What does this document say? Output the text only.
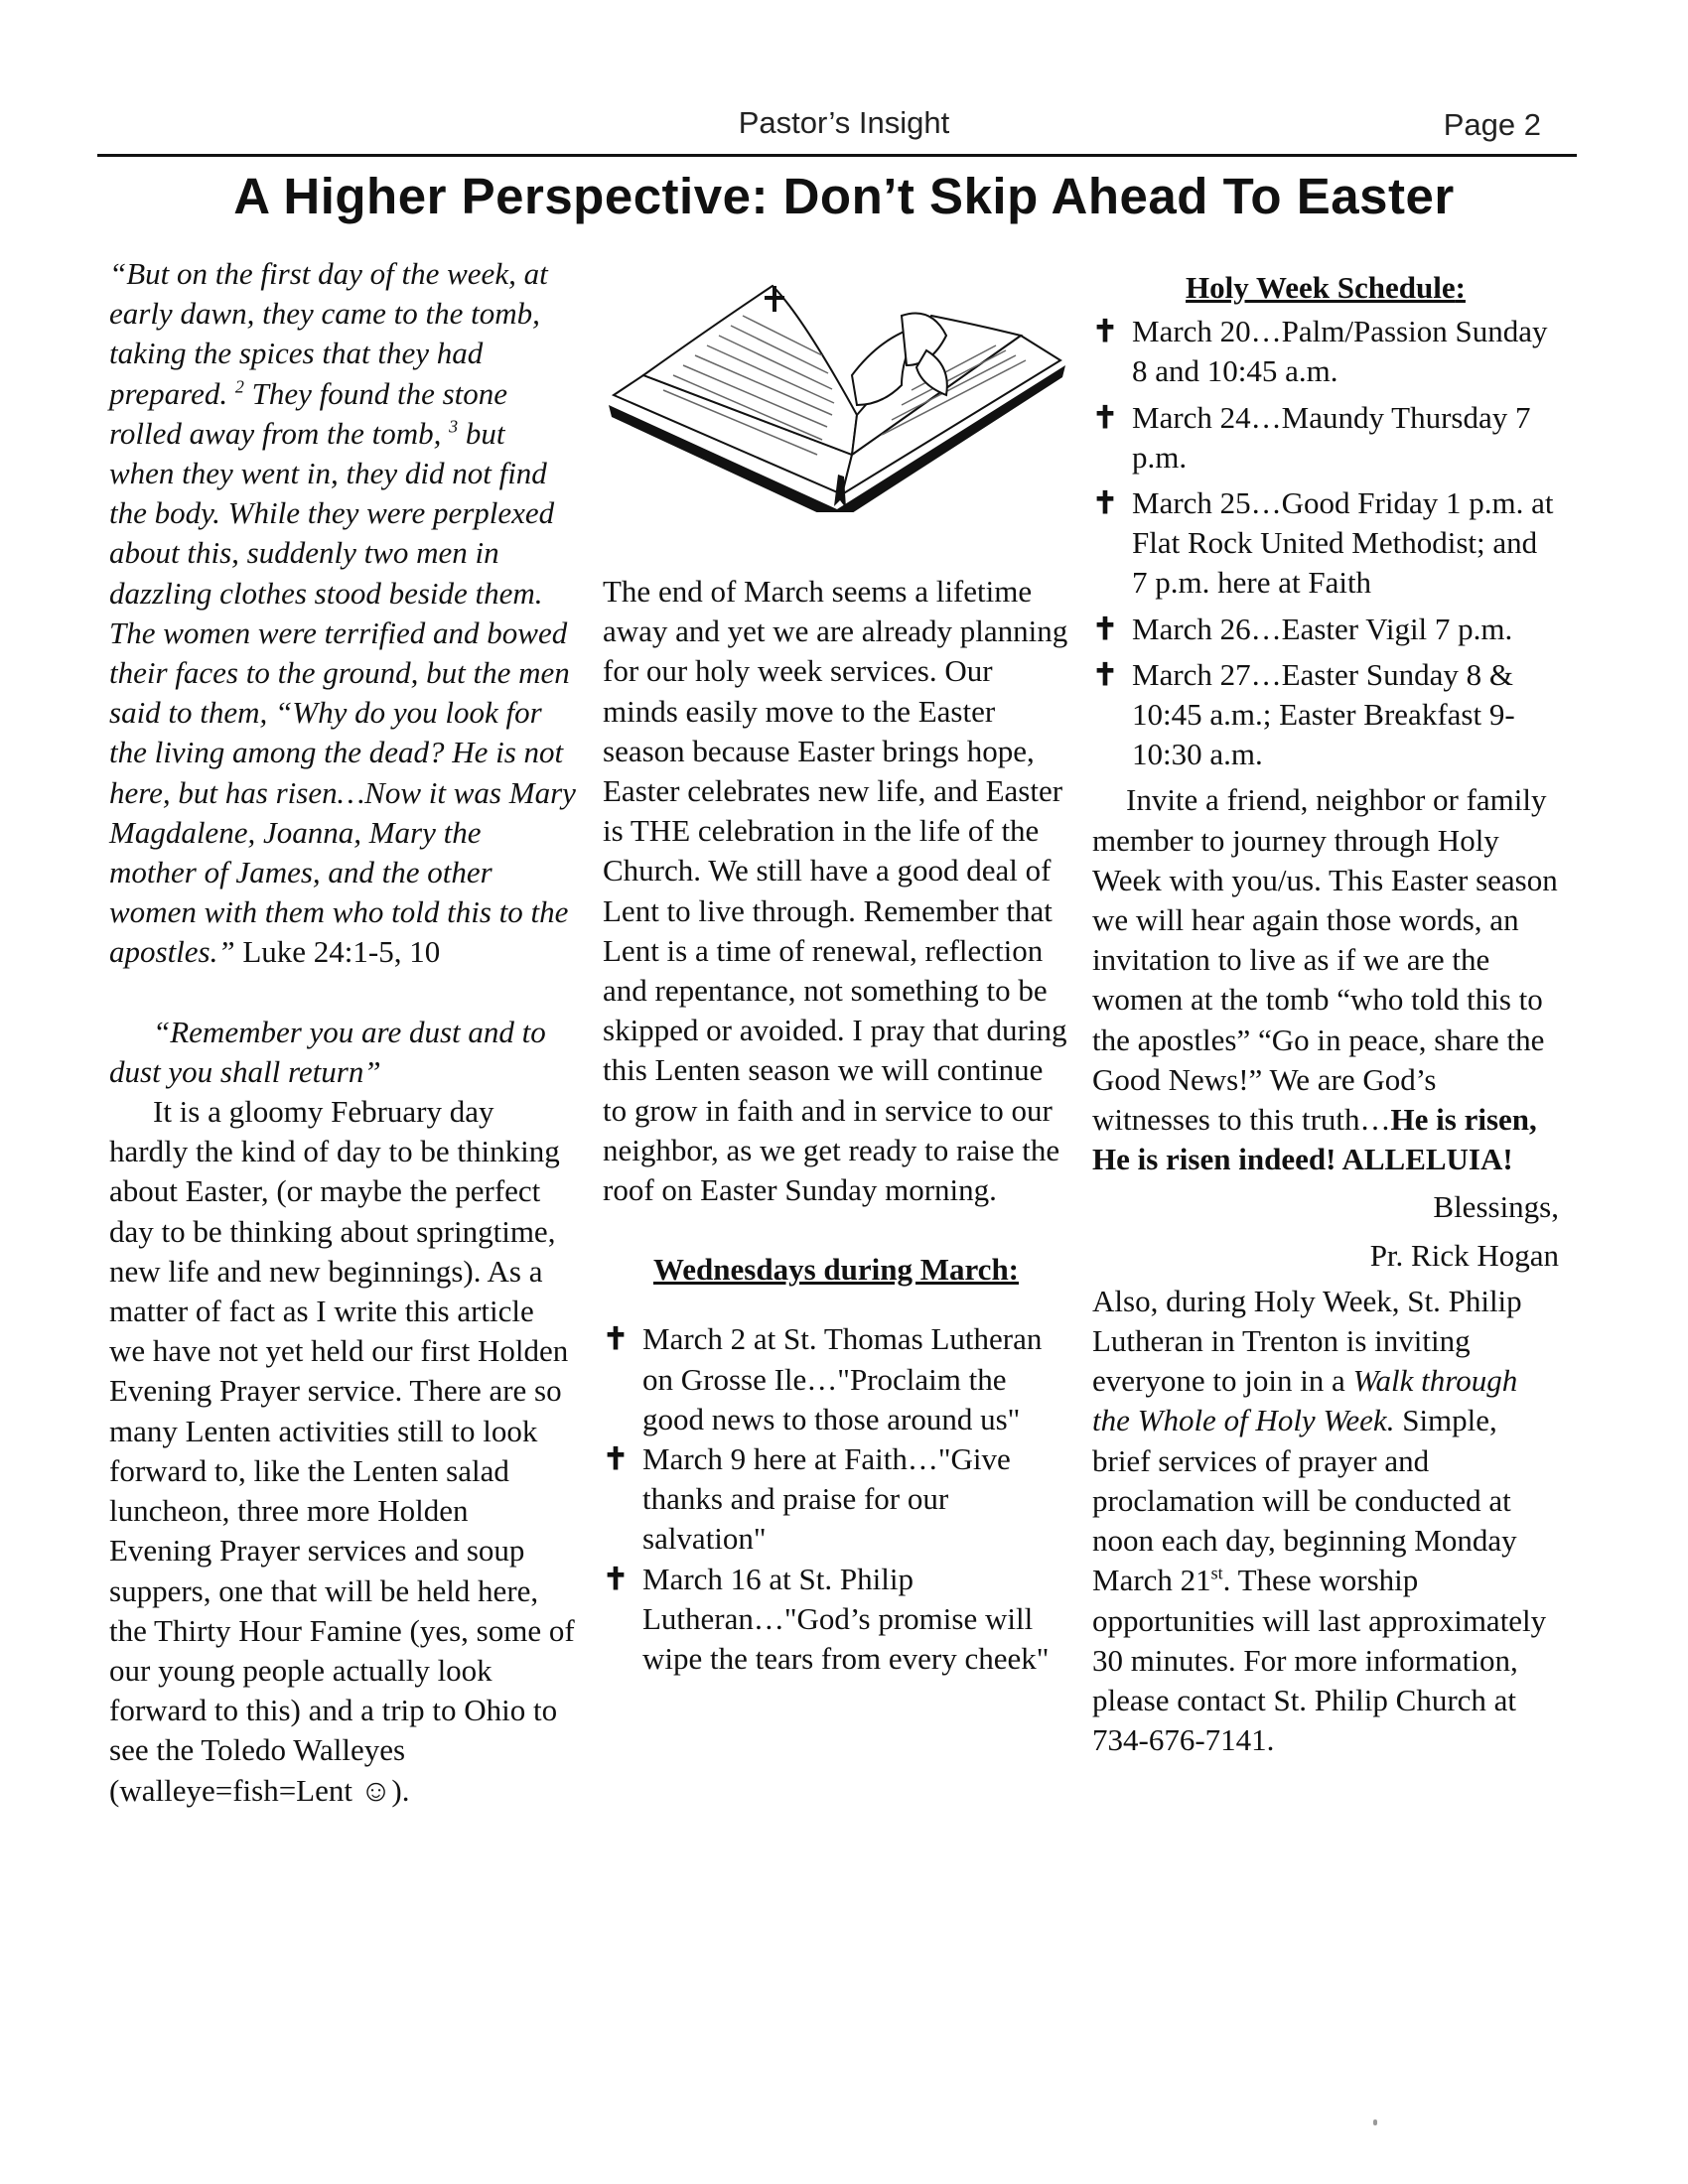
Pastor’s Insight	Page 2
A Higher Perspective: Don’t Skip Ahead To Easter

“But on the first day of the week, at early dawn, they came to the tomb, taking the spices that they had prepared. $^2$ They found the stone rolled away from the tomb, $^3$ but when they went in, they did not find the body. While they were perplexed about this, suddenly two men in dazzling clothes stood beside them. The women were terrified and bowed their faces to the ground, but the men said to them, “Why do you look for the living among the dead? He is not here, but has risen…Now it was Mary Magdalene, Joanna, Mary the mother of James, and the other women with them who told this to the apostles.” Luke 24:1-5, 10

“Remember you are dust and to dust you shall return”

It is a gloomy February day hardly the kind of day to be thinking about Easter, (or maybe the perfect day to be thinking about springtime, new life and new beginnings). As a matter of fact as I write this article we have not yet held our first Holden Evening Prayer service. There are so many Lenten activities still to look forward to, like the Lenten salad luncheon, three more Holden Evening Prayer services and soup suppers, one that will be held here, the Thirty Hour Famine (yes, some of our young people actually look forward to this) and a trip to Ohio to see the Toledo Walleyes (walleye=fish=Lent ☺).

The end of March seems a lifetime away and yet we are already planning for our holy week services. Our minds easily move to the Easter season because Easter brings hope, Easter celebrates new life, and Easter is THE celebration in the life of the Church. We still have a good deal of Lent to live through. Remember that Lent is a time of renewal, reflection and repentance, not something to be skipped or avoided. I pray that during this Lenten season we will continue to grow in faith and in service to our neighbor, as we get ready to raise the roof on Easter Sunday morning.

Wednesdays during March:

✝ March 2 at St. Thomas Lutheran on Grosse Ile…"Proclaim the good news to those around us"
✝ March 9 here at Faith…"Give thanks and praise for our salvation"
✝ March 16 at St. Philip Lutheran…"God’s promise will wipe the tears from every cheek"

Holy Week Schedule:

✝ March 20…Palm/Passion Sunday 8 and 10:45 a.m.
✝ March 24…Maundy Thursday 7 p.m.
✝ March 25…Good Friday 1 p.m. at Flat Rock United Methodist; and 7 p.m. here at Faith
✝ March 26…Easter Vigil 7 p.m.
✝ March 27…Easter Sunday 8 & 10:45 a.m.; Easter Breakfast 9-10:30 a.m.

Invite a friend, neighbor or family member to journey through Holy Week with you/us. This Easter season we will hear again those words, an invitation to live as if we are the women at the tomb “who told this to the apostles” “Go in peace, share the Good News!” We are God’s witnesses to this truth…He is risen, He is risen indeed! ALLELUIA!

Blessings,

Pr. Rick Hogan

Also, during Holy Week, St. Philip Lutheran in Trenton is inviting everyone to join in a Walk through the Whole of Holy Week. Simple, brief services of prayer and proclamation will be conducted at noon each day, beginning Monday March 21st. These worship opportunities will last approximately 30 minutes. For more information, please contact St. Philip Church at 734-676-7141.
